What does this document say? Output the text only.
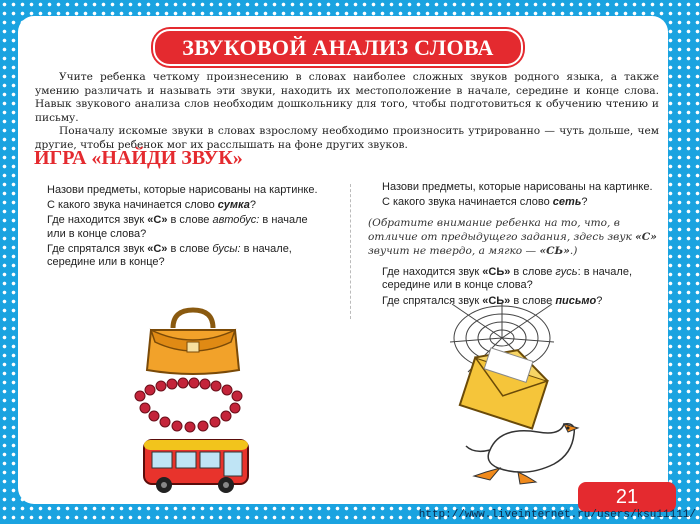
ЗВУКОВОЙ АНАЛИЗ СЛОВА

Учите ребенка четкому произнесению в словах наиболее сложных звуков родного языка, а также умению различать и называть эти звуки, находить их местоположение в начале, середине и конце слова. Навык звукового анализа слов необходим дошкольнику для того, чтобы подготовиться к обучению чтению и письму.

Поначалу искомые звуки в словах взрослому необходимо произносить утрированно — чуть дольше, чем другие, чтобы ребенок мог их расслышать на фоне других звуков.

ИГРА «НАЙДИ ЗВУК»

Назови предметы, которые нарисованы на картинке.

С какого звука начинается слово сумка?

Где находится звук «С» в слове автобус: в начале или в конце слова?

Где спрятался звук «С» в слове бусы: в начале, середине или в конце?

Назови предметы, которые нарисованы на картинке.

С какого звука начинается слово сеть?

(Обратите внимание ребенка на то, что, в отличие от предыдущего задания, здесь звук «С» звучит не твердо, а мягко — «СЬ».)

Где находится звук «СЬ» в слове гусь: в начале, середине или в конце слова?

Где спрятался звук «СЬ» в слове письмо?

21
http://www.liveinternet.ru/users/ksu11111/
